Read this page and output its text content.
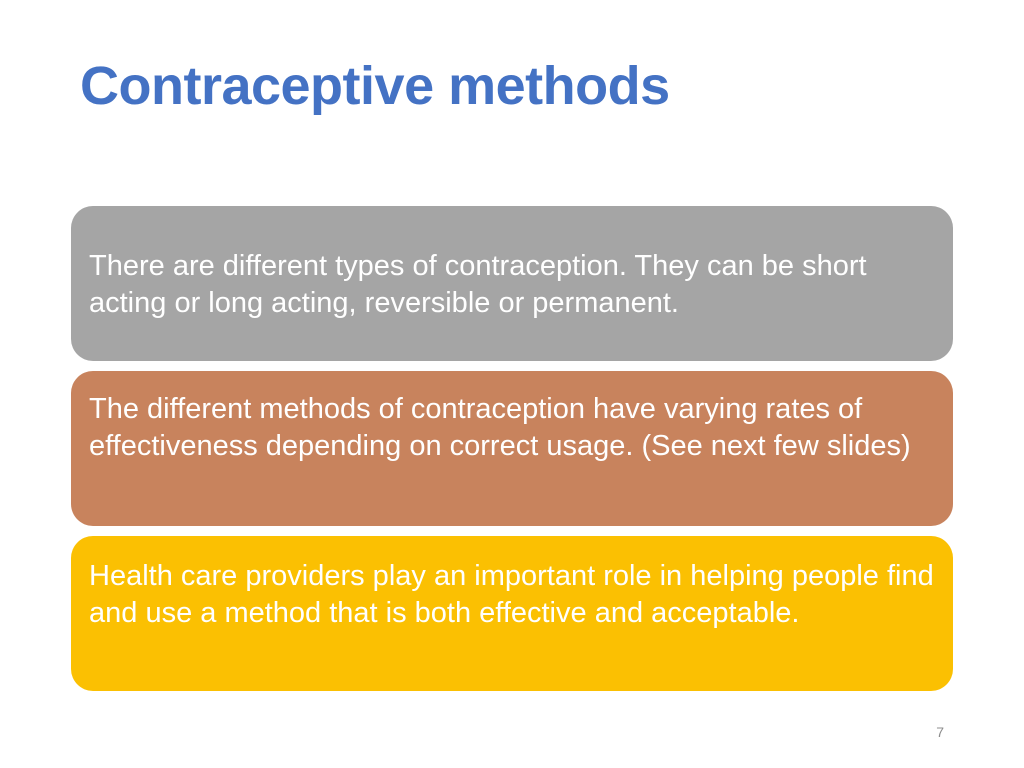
Contraceptive methods
There are different types of contraception. They can be short acting or long acting, reversible or permanent.
The different methods of contraception have varying rates of effectiveness depending on correct usage. (See next few slides)
Health care providers play an important role in helping people find and use a method that is both effective and acceptable.
7
